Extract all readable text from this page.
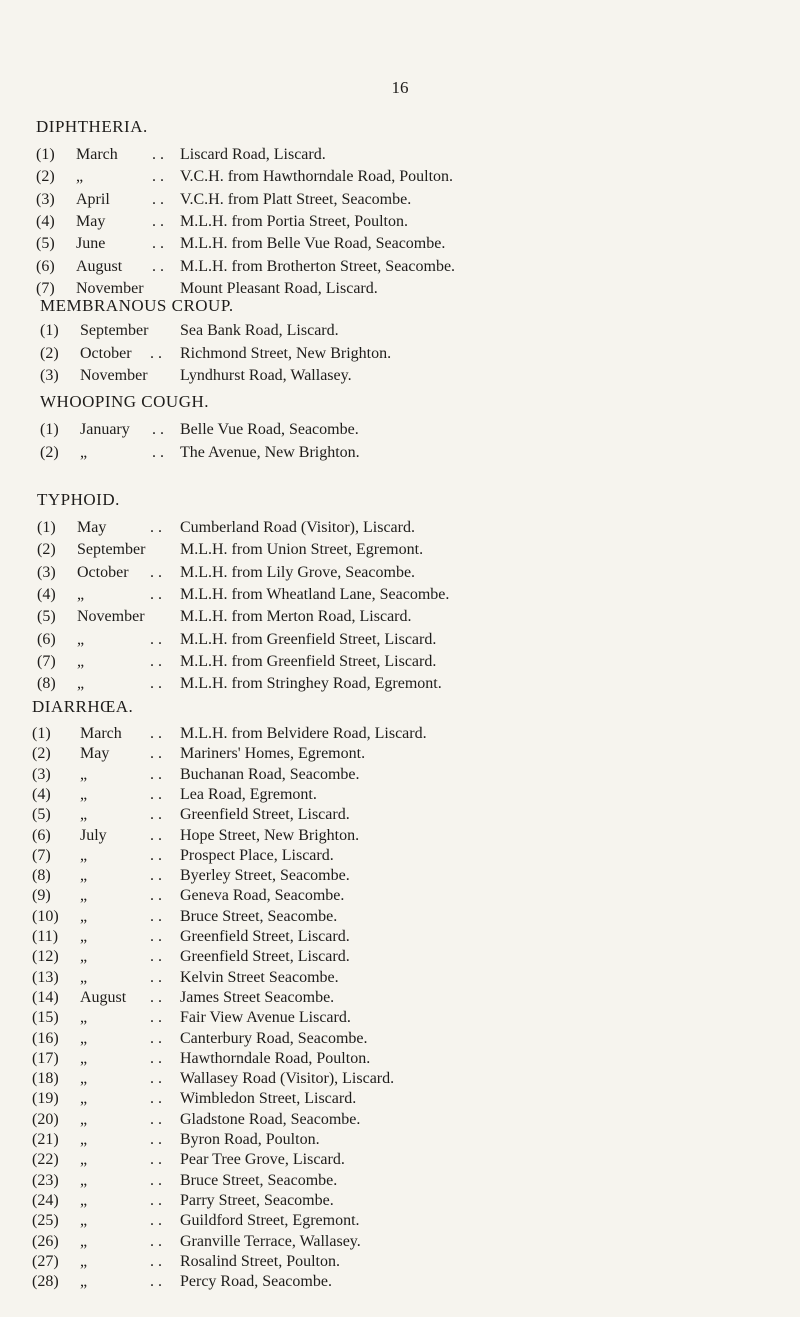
16
DIPHTHERIA.
(1)	March . . Liscard Road, Liscard.
(2)	„	. . V.C.H. from Hawthorndale Road, Poulton.
(3)	April	. . V.C.H. from Platt Street, Seacombe.
(4)	May	. . M.L.H. from Portia Street, Poulton.
(5)	June	. . M.L.H. from Belle Vue Road, Seacombe.
(6)	August . . M.L.H. from Brotherton Street, Seacombe.
(7)	November Mount Pleasant Road, Liscard.
MEMBRANOUS CROUP.
(1)	September Sea Bank Road, Liscard.
(2)	October . . Richmond Street, New Brighton.
(3)	November Lyndhurst Road, Wallasey.
WHOOPING COUGH.
(1)	January . . Belle Vue Road, Seacombe.
(2)	„	. . The Avenue, New Brighton.
TYPHOID.
(1)	May	. . Cumberland Road (Visitor), Liscard.
(2)	September M.L.H. from Union Street, Egremont.
(3)	October . . M.L.H. from Lily Grove, Seacombe.
(4)	„	. . M.L.H. from Wheatland Lane, Seacombe.
(5)	November M.L.H. from Merton Road, Liscard.
(6)	„	. . M.L.H. from Greenfield Street, Liscard.
(7)	„	. . M.L.H. from Greenfield Street, Liscard.
(8)	„	. . M.L.H. from Stringhey Road, Egremont.
DIARRHŒA.
(1)	March . . M.L.H. from Belvidere Road, Liscard.
(2)	May	. . Mariners' Homes, Egremont.
(3)	„	. . Buchanan Road, Seacombe.
(4)	„	. . Lea Road, Egremont.
(5)	„	. . Greenfield Street, Liscard.
(6)	July	. . Hope Street, New Brighton.
(7)	„	. . Prospect Place, Liscard.
(8)	„	. . Byerley Street, Seacombe.
(9)	„	. . Geneva Road, Seacombe.
(10)	„	. . Bruce Street, Seacombe.
(11)	„	. . Greenfield Street, Liscard.
(12)	„	. . Greenfield Street, Liscard.
(13)	„	. . Kelvin Street Seacombe.
(14)	August . . James Street Seacombe.
(15)	„	. . Fair View Avenue Liscard.
(16)	„	. . Canterbury Road, Seacombe.
(17)	„	. . Hawthorndale Road, Poulton.
(18)	„	. . Wallasey Road (Visitor), Liscard.
(19)	„	. . Wimbledon Street, Liscard.
(20)	„	. . Gladstone Road, Seacombe.
(21)	„	. . Byron Road, Poulton.
(22)	„	. . Pear Tree Grove, Liscard.
(23)	„	. . Bruce Street, Seacombe.
(24)	„	. . Parry Street, Seacombe.
(25)	„	. . Guildford Street, Egremont.
(26)	„	. . Granville Terrace, Wallasey.
(27)	„	. . Rosalind Street, Poulton.
(28)	„	. . Percy Road, Seacombe.
